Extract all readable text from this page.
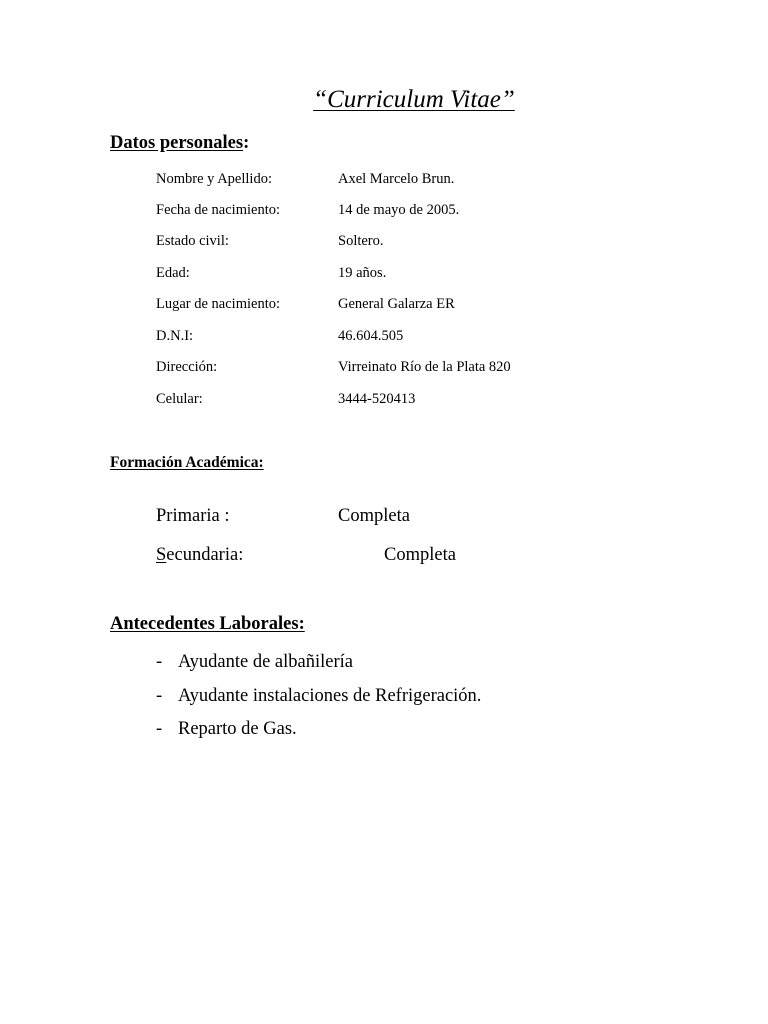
“Curriculum Vitae”
Datos personales:
Nombre y Apellido:	Axel Marcelo Brun.
Fecha de nacimiento:	14 de mayo de 2005.
Estado civil:	Soltero.
Edad:	19 años.
Lugar de nacimiento:	General Galarza ER
D.N.I:	46.604.505
Dirección:	Virreinato Río de la Plata 820
Celular:	3444-520413
Formación Académica:
Primaria :	Completa
Secundaria:	Completa
Antecedentes Laborales:
- Ayudante de albañilería
- Ayudante instalaciones de Refrigeración.
- Reparto de Gas.
